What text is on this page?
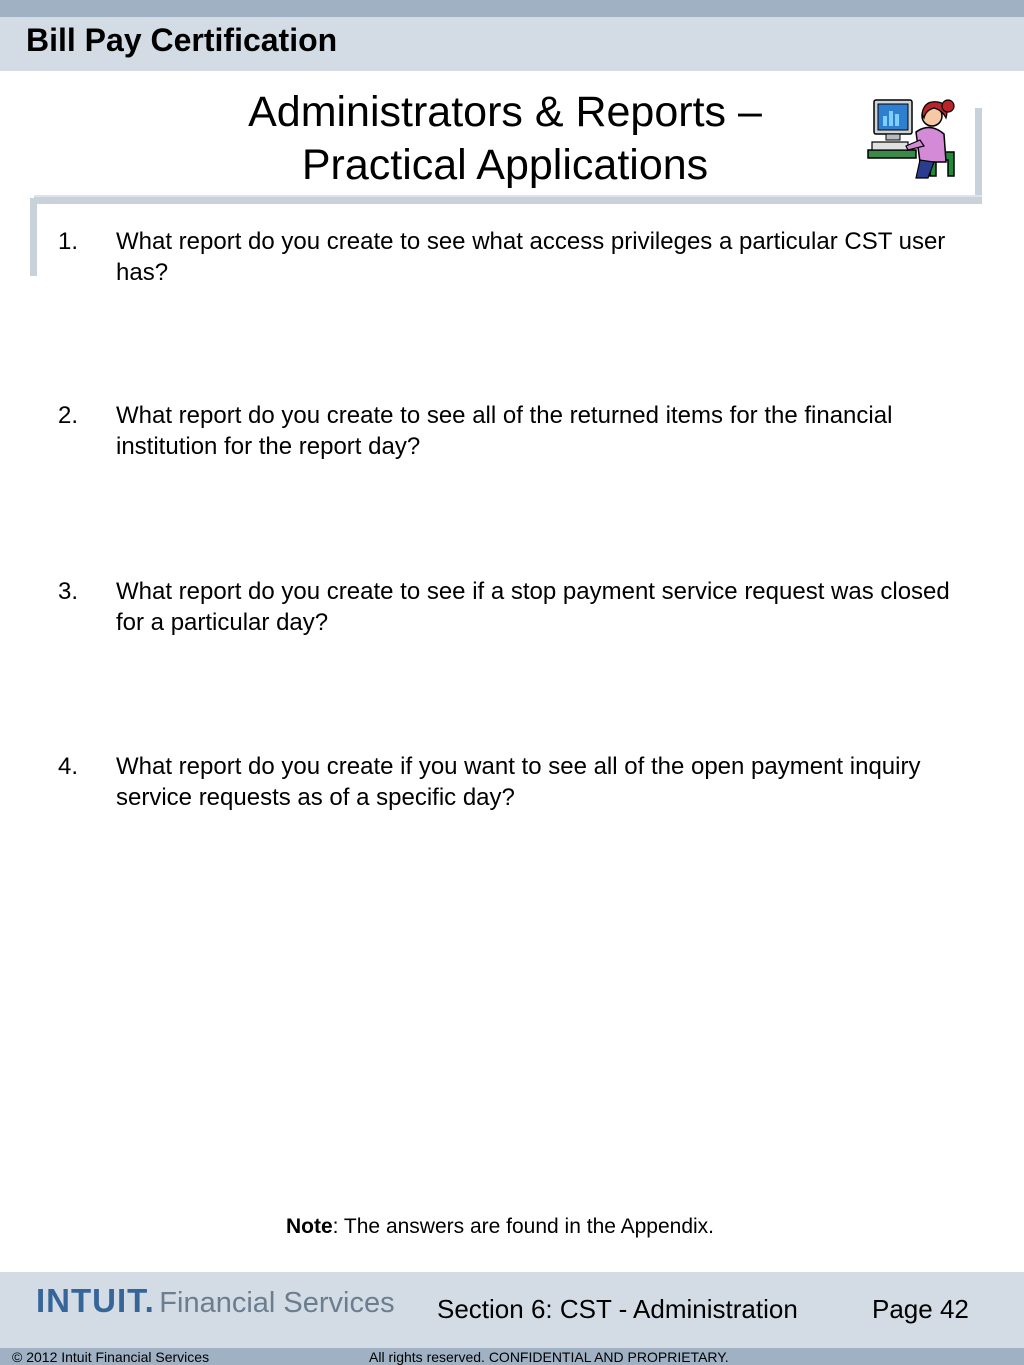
Bill Pay Certification
Administrators & Reports –
Practical Applications
1. What report do you create to see what access privileges a particular CST user has?
2. What report do you create to see all of the returned items for the financial institution for the report day?
3. What report do you create to see if a stop payment service request was closed for a particular day?
4. What report do you create if you want to see all of the open payment inquiry service requests as of a specific day?
Note: The answers are found in the Appendix.
INTUIT. Financial Services Section 6: CST - Administration	Page 42
© 2012 Intuit Financial Services	All rights reserved. CONFIDENTIAL AND PROPRIETARY.
